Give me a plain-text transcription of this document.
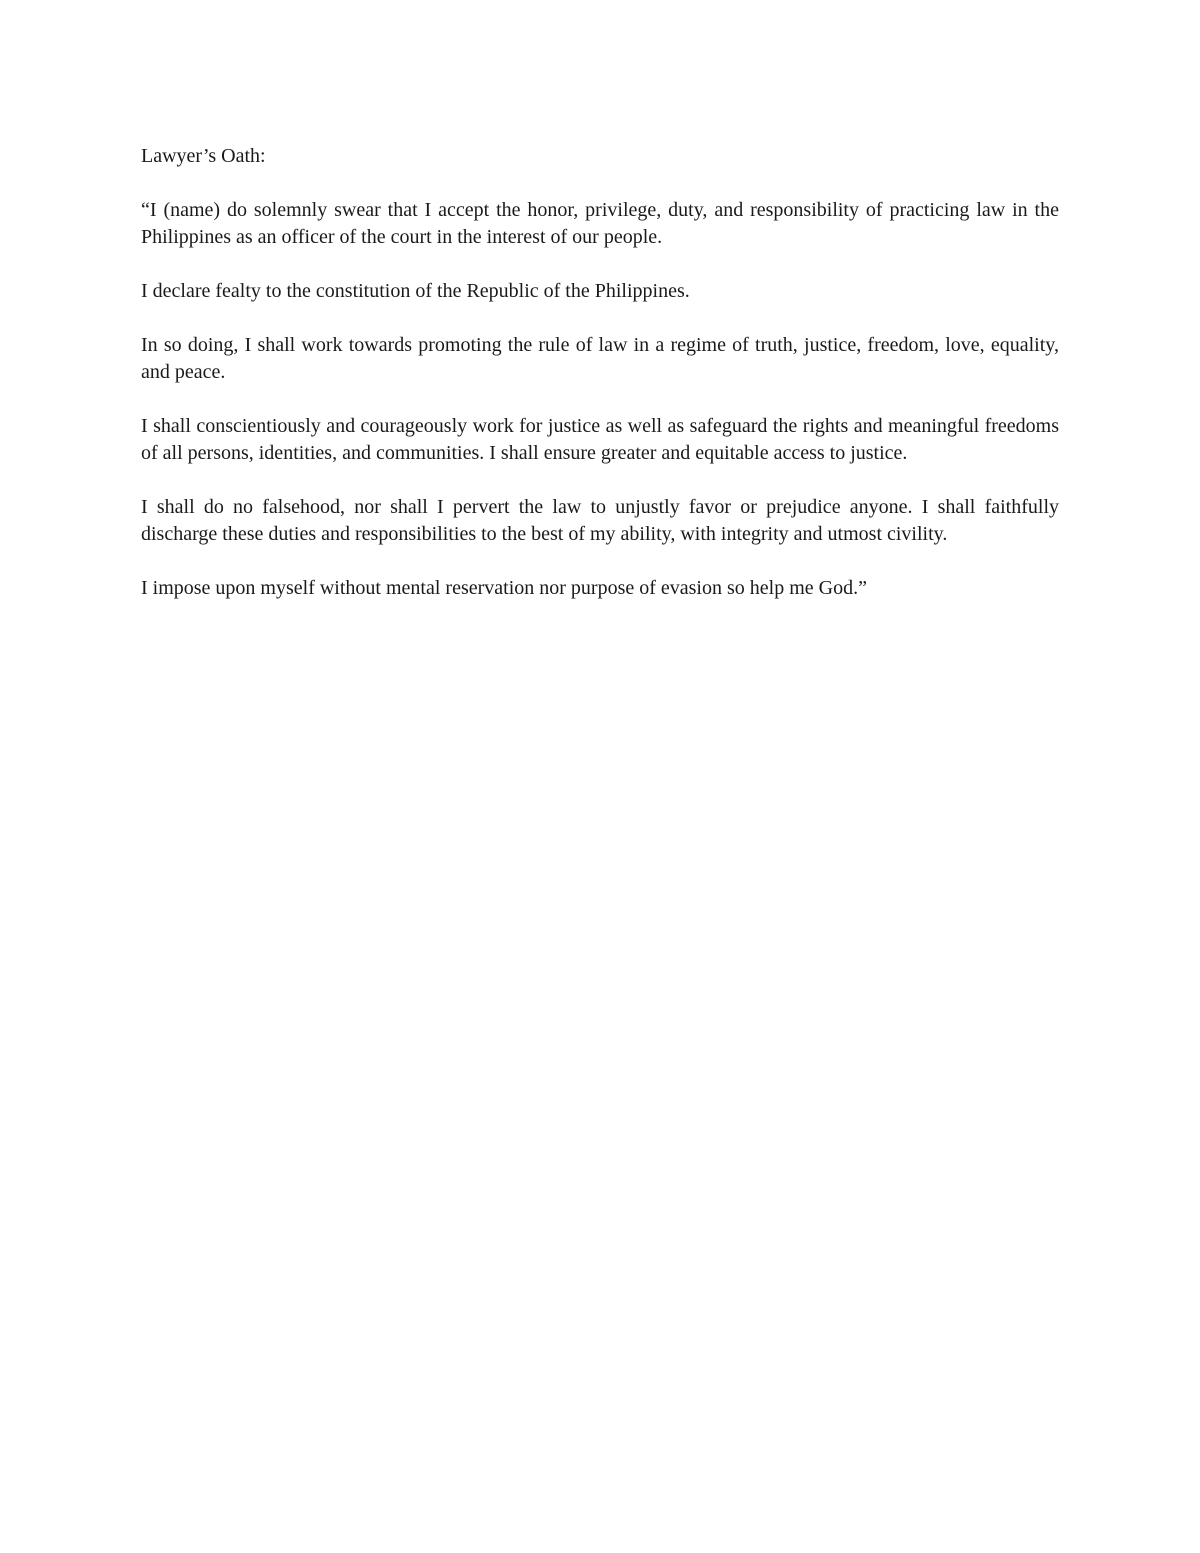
Lawyer’s Oath:

“I (name) do solemnly swear that I accept the honor, privilege, duty, and responsibility of practicing law in the Philippines as an officer of the court in the interest of our people.

I declare fealty to the constitution of the Republic of the Philippines.

In so doing, I shall work towards promoting the rule of law in a regime of truth, justice, freedom, love, equality, and peace.

I shall conscientiously and courageously work for justice as well as safeguard the rights and meaningful freedoms of all persons, identities, and communities. I shall ensure greater and equitable access to justice.

I shall do no falsehood, nor shall I pervert the law to unjustly favor or prejudice anyone. I shall faithfully discharge these duties and responsibilities to the best of my ability, with integrity and utmost civility.

I impose upon myself without mental reservation nor purpose of evasion so help me God.”
